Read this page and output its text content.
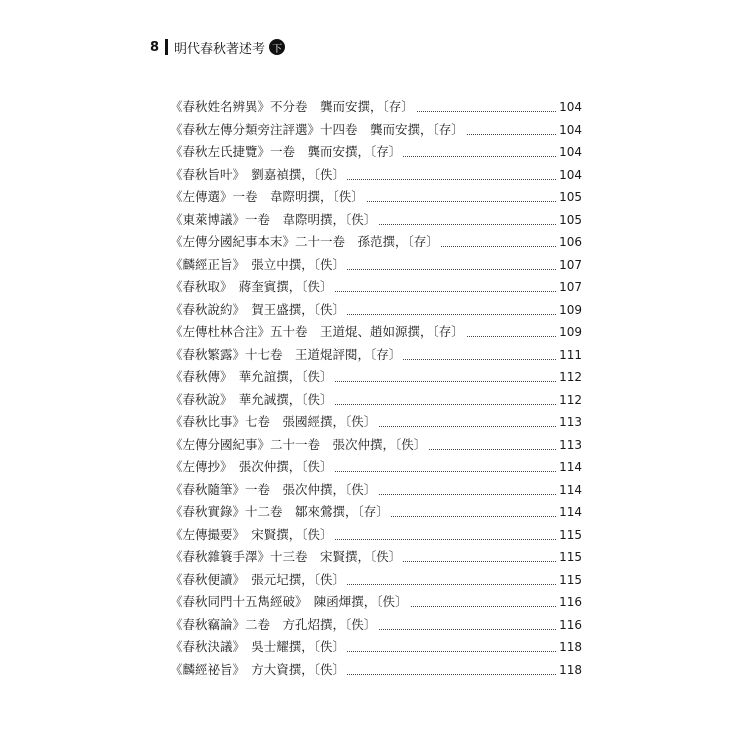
8 明代春秋著述考 下
《春秋姓名辨異》不分卷　龔而安撰，〔存〕	104
《春秋左傳分類旁注評選》十四卷　龔而安撰，〔存〕	104
《春秋左氏捷覽》一卷　龔而安撰，〔存〕	104
《春秋旨叶》　劉嘉禎撰，〔佚〕	104
《左傳選》一卷　韋際明撰，〔佚〕	105
《東萊博議》一卷　韋際明撰，〔佚〕	105
《左傳分國紀事本末》二十一卷　孫范撰，〔存〕	106
《麟經正旨》　張立中撰，〔佚〕	107
《春秋取》　蔣奎賓撰，〔佚〕	107
《春秋說約》　賀王盛撰，〔佚〕	109
《左傳杜林合注》五十卷　王道焜、趙如源撰，〔存〕	109
《春秋繁露》十七卷　王道焜評閱，〔存〕	111
《春秋傳》　華允誼撰，〔佚〕	112
《春秋說》　華允誠撰，〔佚〕	112
《春秋比事》七卷　張國經撰，〔佚〕	113
《左傳分國紀事》二十一卷　張次仲撰，〔佚〕	113
《左傳抄》　張次仲撰，〔佚〕	114
《春秋隨筆》一卷　張次仲撰，〔佚〕	114
《春秋實錄》十二卷　鄒來鶯撰，〔存〕	114
《左傳撮要》　宋賢撰，〔佚〕	115
《春秋雜簑手澤》十三卷　宋賢撰，〔佚〕	115
《春秋便讀》　張元圮撰，〔佚〕	115
《春秋同門十五雋經破》　陳函煇撰，〔佚〕	116
《春秋竊論》二卷　方孔炤撰，〔佚〕	116
《春秋決議》　吳士耀撰，〔佚〕	118
《麟經祕旨》　方大資撰，〔佚〕	118
